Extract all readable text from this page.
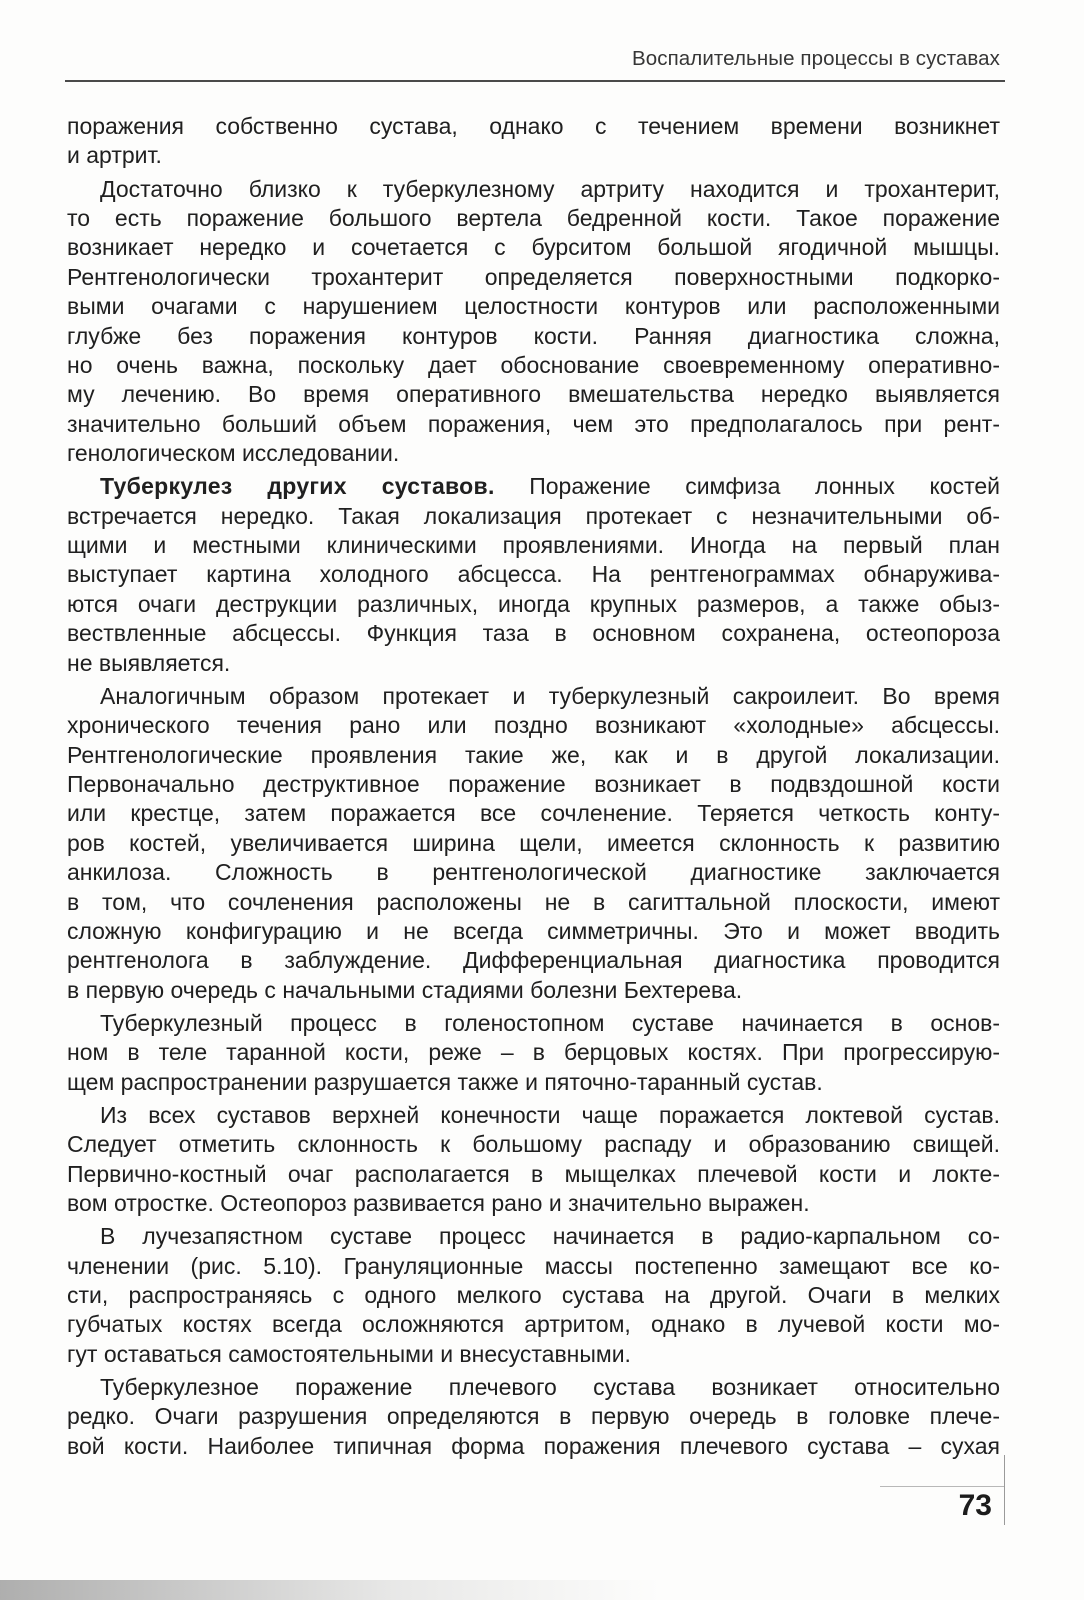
Воспалительные процессы в суставах
поражения собственно сустава, однако с течением времени возникнет
и артрит.
Достаточно близко к туберкулезному артриту находится и трохантерит,
то есть поражение большого вертела бедренной кости. Такое поражение
возникает нередко и сочетается с бурситом большой ягодичной мышцы.
Рентгенологически трохантерит определяется поверхностными подкорко-
выми очагами с нарушением целостности контуров или расположенными
глубже без поражения контуров кости. Ранняя диагностика сложна,
но очень важна, поскольку дает обоснование своевременному оперативно-
му лечению. Во время оперативного вмешательства нередко выявляется
значительно больший объем поражения, чем это предполагалось при рент-
генологическом исследовании.
Туберкулез других суставов. Поражение симфиза лонных костей
встречается нередко. Такая локализация протекает с незначительными об-
щими и местными клиническими проявлениями. Иногда на первый план
выступает картина холодного абсцесса. На рентгенограммах обнаружива-
ются очаги деструкции различных, иногда крупных размеров, а также обыз-
вествленные абсцессы. Функция таза в основном сохранена, остеопороза
не выявляется.
Аналогичным образом протекает и туберкулезный сакроилеит. Во время
хронического течения рано или поздно возникают «холодные» абсцессы.
Рентгенологические проявления такие же, как и в другой локализации.
Первоначально деструктивное поражение возникает в подвздошной кости
или крестце, затем поражается все сочленение. Теряется четкость конту-
ров костей, увеличивается ширина щели, имеется склонность к развитию
анкилоза. Сложность в рентгенологической диагностике заключается
в том, что сочленения расположены не в сагиттальной плоскости, имеют
сложную конфигурацию и не всегда симметричны. Это и может вводить
рентгенолога в заблуждение. Дифференциальная диагностика проводится
в первую очередь с начальными стадиями болезни Бехтерева.
Туберкулезный процесс в голеностопном суставе начинается в основ-
ном в теле таранной кости, реже – в берцовых костях. При прогрессирую-
щем распространении разрушается также и пяточно-таранный сустав.
Из всех суставов верхней конечности чаще поражается локтевой сустав.
Следует отметить склонность к большому распаду и образованию свищей.
Первично-костный очаг располагается в мыщелках плечевой кости и локте-
вом отростке. Остеопороз развивается рано и значительно выражен.
В лучезапястном суставе процесс начинается в радио-карпальном со-
членении (рис. 5.10). Грануляционные массы постепенно замещают все ко-
сти, распространяясь с одного мелкого сустава на другой. Очаги в мелких
губчатых костях всегда осложняются артритом, однако в лучевой кости мо-
гут оставаться самостоятельными и внесуставными.
Туберкулезное поражение плечевого сустава возникает относительно
редко. Очаги разрушения определяются в первую очередь в головке плече-
вой кости. Наиболее типичная форма поражения плечевого сустава – сухая
73
